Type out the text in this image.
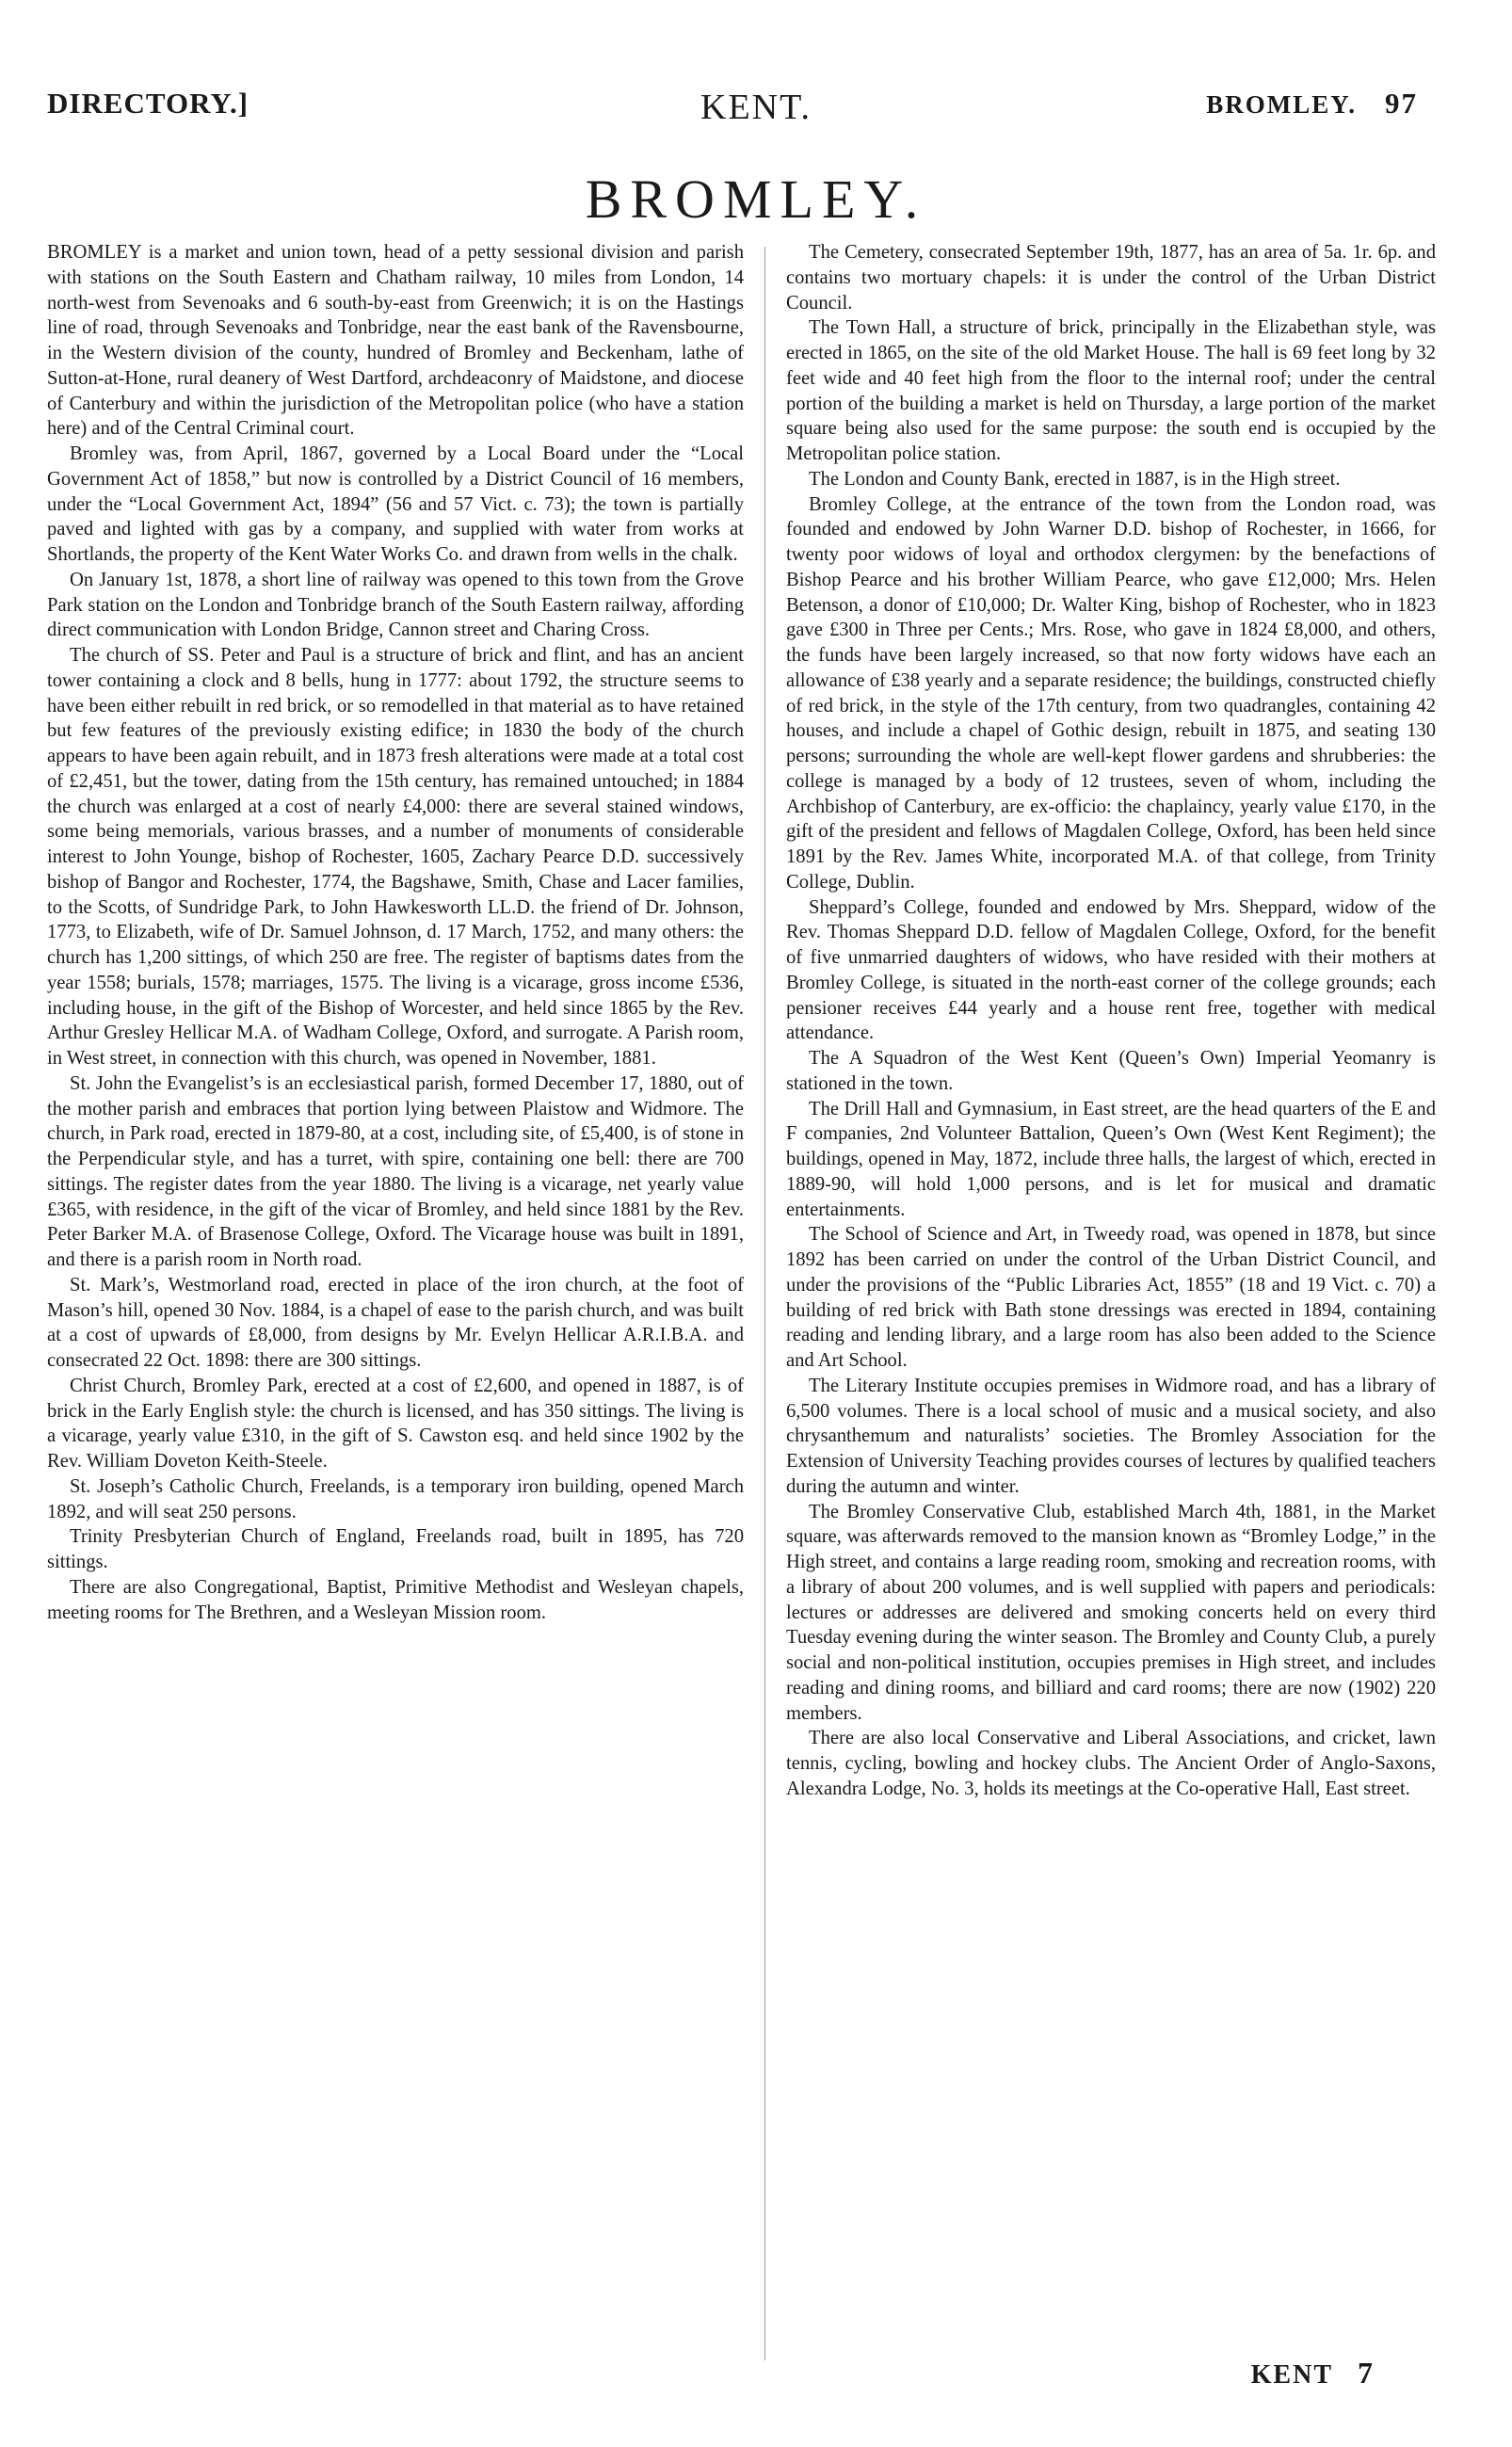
DIRECTORY.]	KENT.	BROMLEY. 97
BROMLEY.

BROMLEY is a market and union town, head of a petty sessional division and parish with stations on the South Eastern and Chatham railway, 10 miles from London, 14 north-west from Sevenoaks and 6 south-by-east from Greenwich; it is on the Hastings line of road, through Sevenoaks and Tonbridge, near the east bank of the Ravensbourne, in the Western division of the county, hundred of Bromley and Beckenham, lathe of Sutton-at-Hone, rural deanery of West Dartford, archdeaconry of Maidstone, and diocese of Canterbury and within the jurisdiction of the Metropolitan police (who have a station here) and of the Central Criminal court.

Bromley was, from April, 1867, governed by a Local Board under the “Local Government Act of 1858,” but now is controlled by a District Council of 16 members, under the “Local Government Act, 1894” (56 and 57 Vict. c. 73); the town is partially paved and lighted with gas by a company, and supplied with water from works at Shortlands, the property of the Kent Water Works Co. and drawn from wells in the chalk.

On January 1st, 1878, a short line of railway was opened to this town from the Grove Park station on the London and Tonbridge branch of the South Eastern railway, affording direct communication with London Bridge, Cannon street and Charing Cross.

The church of SS. Peter and Paul is a structure of brick and flint, and has an ancient tower containing a clock and 8 bells, hung in 1777: about 1792, the structure seems to have been either rebuilt in red brick, or so remodelled in that material as to have retained but few features of the previously existing edifice; in 1830 the body of the church appears to have been again rebuilt, and in 1873 fresh alterations were made at a total cost of £2,451, but the tower, dating from the 15th century, has remained untouched; in 1884 the church was enlarged at a cost of nearly £4,000: there are several stained windows, some being memorials, various brasses, and a number of monuments of considerable interest to John Younge, bishop of Rochester, 1605, Zachary Pearce D.D. successively bishop of Bangor and Rochester, 1774, the Bagshawe, Smith, Chase and Lacer families, to the Scotts, of Sundridge Park, to John Hawkesworth LL.D. the friend of Dr. Johnson, 1773, to Elizabeth, wife of Dr. Samuel Johnson, d. 17 March, 1752, and many others: the church has 1,200 sittings, of which 250 are free. The register of baptisms dates from the year 1558; burials, 1578; marriages, 1575. The living is a vicarage, gross income £536, including house, in the gift of the Bishop of Worcester, and held since 1865 by the Rev. Arthur Gresley Hellicar M.A. of Wadham College, Oxford, and surrogate. A Parish room, in West street, in connection with this church, was opened in November, 1881.

St. John the Evangelist’s is an ecclesiastical parish, formed December 17, 1880, out of the mother parish and embraces that portion lying between Plaistow and Widmore. The church, in Park road, erected in 1879-80, at a cost, including site, of £5,400, is of stone in the Perpendicular style, and has a turret, with spire, containing one bell: there are 700 sittings. The register dates from the year 1880. The living is a vicarage, net yearly value £365, with residence, in the gift of the vicar of Bromley, and held since 1881 by the Rev. Peter Barker M.A. of Brasenose College, Oxford. The Vicarage house was built in 1891, and there is a parish room in North road.

St. Mark’s, Westmorland road, erected in place of the iron church, at the foot of Mason’s hill, opened 30 Nov. 1884, is a chapel of ease to the parish church, and was built at a cost of upwards of £8,000, from designs by Mr. Evelyn Hellicar A.R.I.B.A. and consecrated 22 Oct. 1898: there are 300 sittings.

Christ Church, Bromley Park, erected at a cost of £2,600, and opened in 1887, is of brick in the Early English style: the church is licensed, and has 350 sittings. The living is a vicarage, yearly value £310, in the gift of S. Cawston esq. and held since 1902 by the Rev. William Doveton Keith-Steele.

St. Joseph’s Catholic Church, Freelands, is a temporary iron building, opened March 1892, and will seat 250 persons.

Trinity Presbyterian Church of England, Freelands road, built in 1895, has 720 sittings.

There are also Congregational, Baptist, Primitive Methodist and Wesleyan chapels, meeting rooms for The Brethren, and a Wesleyan Mission room.

The Cemetery, consecrated September 19th, 1877, has an area of 5a. 1r. 6p. and contains two mortuary chapels: it is under the control of the Urban District Council.

The Town Hall, a structure of brick, principally in the Elizabethan style, was erected in 1865, on the site of the old Market House. The hall is 69 feet long by 32 feet wide and 40 feet high from the floor to the internal roof; under the central portion of the building a market is held on Thursday, a large portion of the market square being also used for the same purpose: the south end is occupied by the Metropolitan police station.

The London and County Bank, erected in 1887, is in the High street.

Bromley College, at the entrance of the town from the London road, was founded and endowed by John Warner D.D. bishop of Rochester, in 1666, for twenty poor widows of loyal and orthodox clergymen: by the benefactions of Bishop Pearce and his brother William Pearce, who gave £12,000; Mrs. Helen Betenson, a donor of £10,000; Dr. Walter King, bishop of Rochester, who in 1823 gave £300 in Three per Cents.; Mrs. Rose, who gave in 1824 £8,000, and others, the funds have been largely increased, so that now forty widows have each an allowance of £38 yearly and a separate residence; the buildings, constructed chiefly of red brick, in the style of the 17th century, from two quadrangles, containing 42 houses, and include a chapel of Gothic design, rebuilt in 1875, and seating 130 persons; surrounding the whole are well-kept flower gardens and shrubberies: the college is managed by a body of 12 trustees, seven of whom, including the Archbishop of Canterbury, are ex-officio: the chaplaincy, yearly value £170, in the gift of the president and fellows of Magdalen College, Oxford, has been held since 1891 by the Rev. James White, incorporated M.A. of that college, from Trinity College, Dublin.

Sheppard’s College, founded and endowed by Mrs. Sheppard, widow of the Rev. Thomas Sheppard D.D. fellow of Magdalen College, Oxford, for the benefit of five unmarried daughters of widows, who have resided with their mothers at Bromley College, is situated in the north-east corner of the college grounds; each pensioner receives £44 yearly and a house rent free, together with medical attendance.

The A Squadron of the West Kent (Queen’s Own) Imperial Yeomanry is stationed in the town.

The Drill Hall and Gymnasium, in East street, are the head quarters of the E and F companies, 2nd Volunteer Battalion, Queen’s Own (West Kent Regiment); the buildings, opened in May, 1872, include three halls, the largest of which, erected in 1889-90, will hold 1,000 persons, and is let for musical and dramatic entertainments.

The School of Science and Art, in Tweedy road, was opened in 1878, but since 1892 has been carried on under the control of the Urban District Council, and under the provisions of the “Public Libraries Act, 1855” (18 and 19 Vict. c. 70) a building of red brick with Bath stone dressings was erected in 1894, containing reading and lending library, and a large room has also been added to the Science and Art School.

The Literary Institute occupies premises in Widmore road, and has a library of 6,500 volumes. There is a local school of music and a musical society, and also chrysanthemum and naturalists’ societies. The Bromley Association for the Extension of University Teaching provides courses of lectures by qualified teachers during the autumn and winter.

The Bromley Conservative Club, established March 4th, 1881, in the Market square, was afterwards removed to the mansion known as “Bromley Lodge,” in the High street, and contains a large reading room, smoking and recreation rooms, with a library of about 200 volumes, and is well supplied with papers and periodicals: lectures or addresses are delivered and smoking concerts held on every third Tuesday evening during the winter season. The Bromley and County Club, a purely social and non-political institution, occupies premises in High street, and includes reading and dining rooms, and billiard and card rooms; there are now (1902) 220 members.

There are also local Conservative and Liberal Associations, and cricket, lawn tennis, cycling, bowling and hockey clubs. The Ancient Order of Anglo-Saxons, Alexandra Lodge, No. 3, holds its meetings at the Co-operative Hall, East street.

KENT 7
